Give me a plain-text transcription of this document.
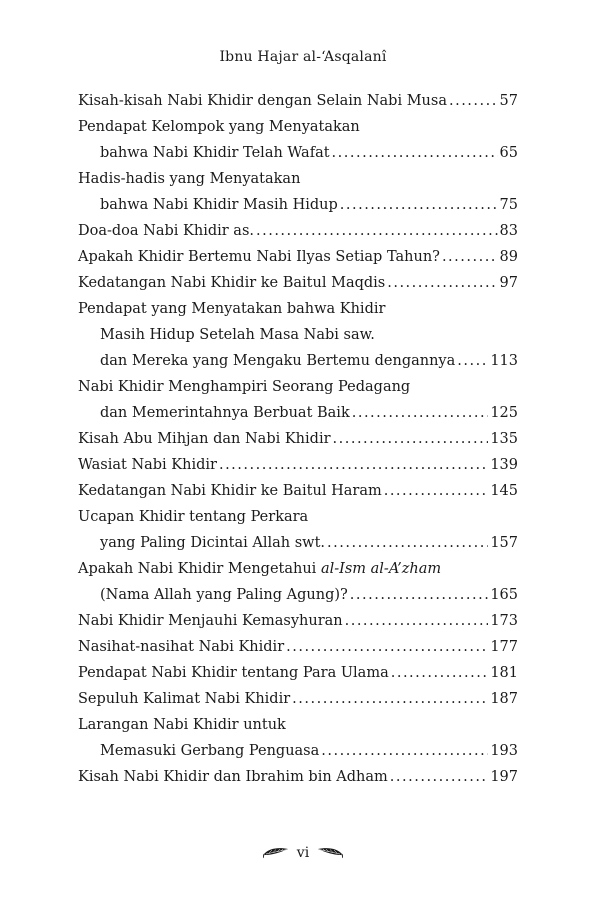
Ibnu Hajar al-‘Asqalanî
Kisah-kisah Nabi Khidir dengan Selain Nabi Musa .....	57
Pendapat Kelompok yang Menyatakan
bahwa Nabi Khidir Telah Wafat .....	65
Hadis-hadis yang Menyatakan
bahwa Nabi Khidir Masih Hidup .....	75
Doa-doa Nabi Khidir as. .....	83
Apakah Khidir Bertemu Nabi Ilyas Setiap Tahun? .....	89
Kedatangan Nabi Khidir ke Baitul Maqdis .....	97
Pendapat yang Menyatakan bahwa Khidir
Masih Hidup Setelah Masa Nabi saw.
dan Mereka yang Mengaku Bertemu dengannya ..... 113
Nabi Khidir Menghampiri Seorang Pedagang
dan Memerintahnya Berbuat Baik .....	125
Kisah Abu Mihjan dan Nabi Khidir .....	135
Wasiat Nabi Khidir .....	139
Kedatangan Nabi Khidir ke Baitul Haram .....	145
Ucapan Khidir tentang Perkara
yang Paling Dicintai Allah swt. .....	157
Apakah Nabi Khidir Mengetahui al-Ism al-A’zham
(Nama Allah yang Paling Agung)? .....	165
Nabi Khidir Menjauhi Kemasyhuran .....	173
Nasihat-nasihat Nabi Khidir .....	177
Pendapat Nabi Khidir tentang Para Ulama .....	181
Sepuluh Kalimat Nabi Khidir .....	187
Larangan Nabi Khidir untuk
Memasuki Gerbang Penguasa .....	193
Kisah Nabi Khidir dan Ibrahim bin Adham .....	197
vi
